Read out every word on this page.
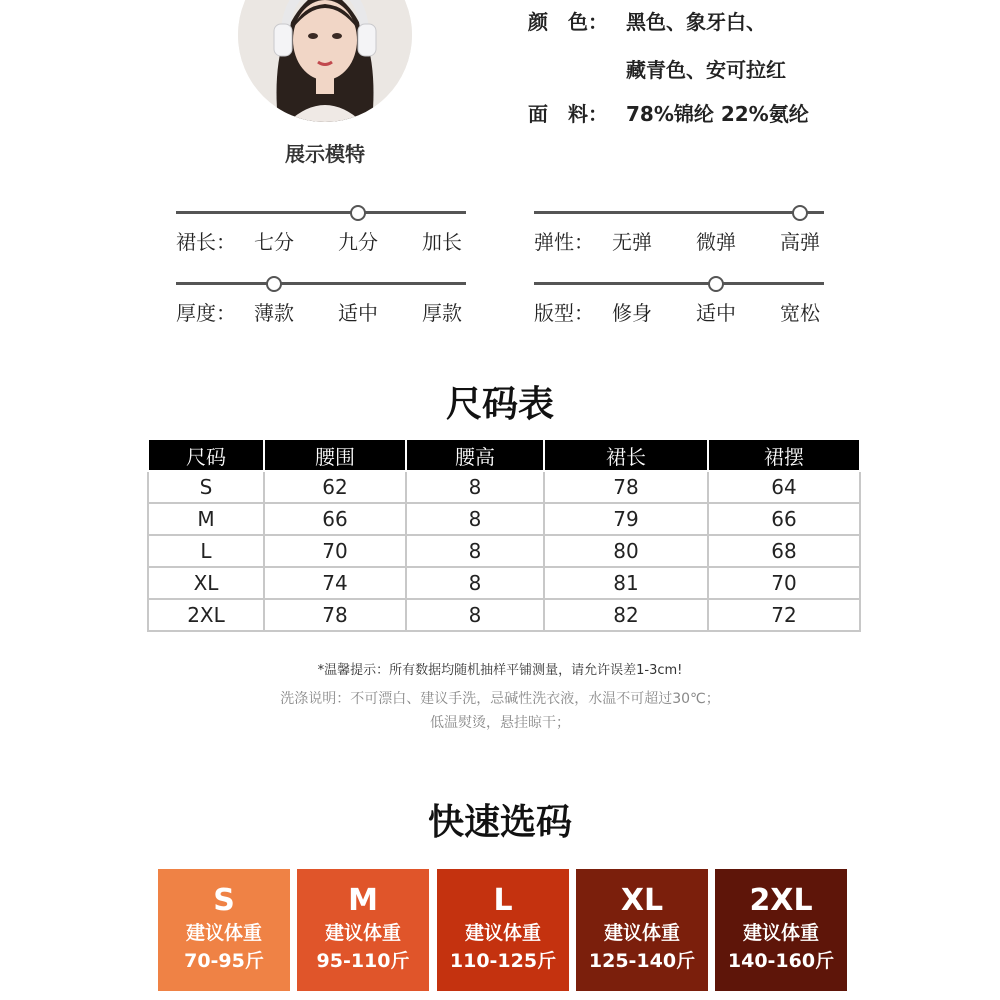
展示模特
颜　色： 黑色、象牙白、
藏青色、安可拉红
面　料： 78%锦纶 22%氨纶
裙长： 七分	九分	加长	弹性： 无弹	微弹	高弹
厚度： 薄款	适中	厚款	版型： 修身	适中	宽松
尺码表
尺码	腰围	腰高	裙长	裙摆
S	62	8	78	64
M	66	8	79	66
L	70	8	80	68
XL	74	8	81	70
2XL	78	8	82	72
*温馨提示：所有数据均随机抽样平铺测量，请允许误差1-3cm!
洗涤说明：不可漂白、建议手洗，忌碱性洗衣液，水温不可超过30℃；
低温熨烫，悬挂晾干；
快速选码
S
建议体重
70-95斤
M
建议体重
95-110斤
L
建议体重
110-125斤
XL
建议体重
125-140斤
2XL
建议体重
140-160斤
